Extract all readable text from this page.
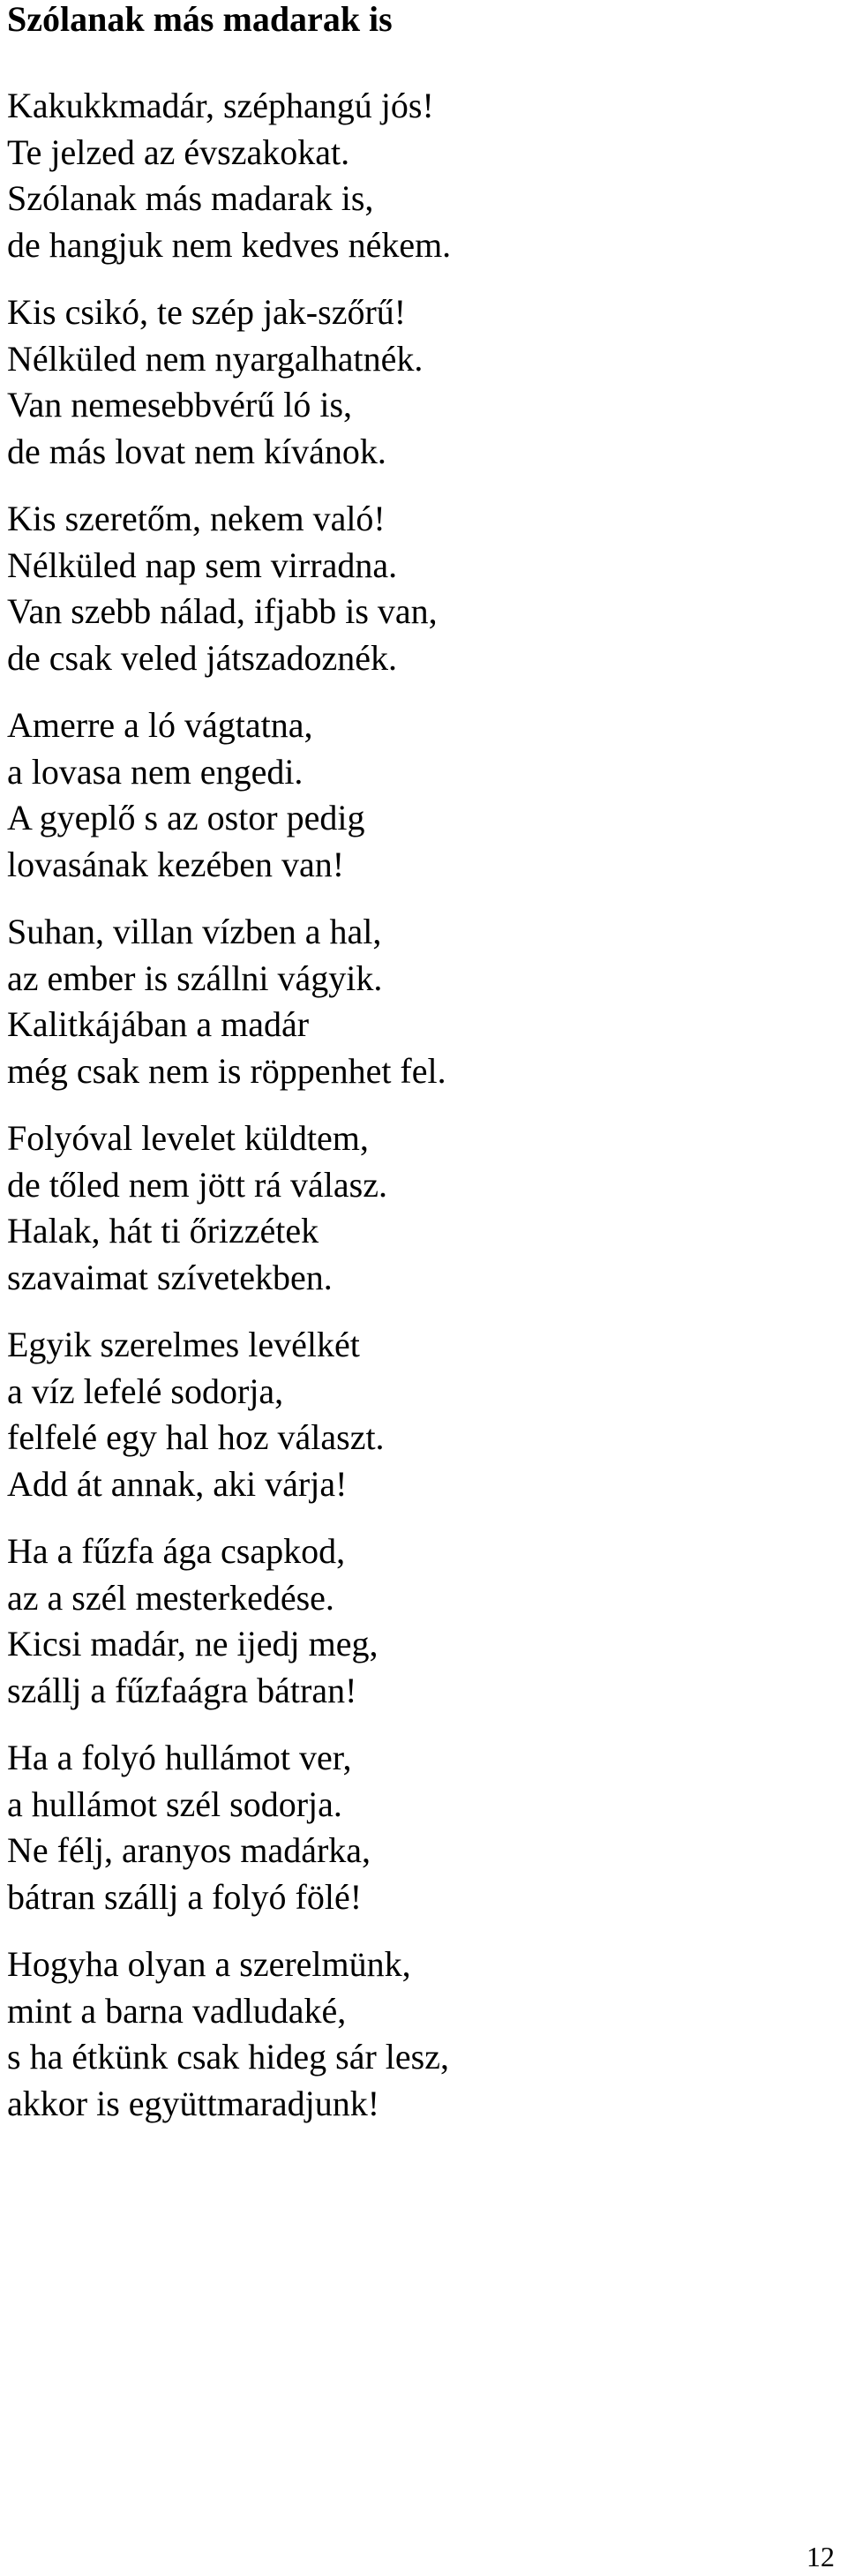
Szólanak más madarak is
Kakukkmadár, széphangú jós!
Te jelzed az évszakokat.
Szólanak más madarak is,
de hangjuk nem kedves nékem.
Kis csikó, te szép jak-szőrű!
Nélküled nem nyargalhatnék.
Van nemesebbvérű ló is,
de más lovat nem kívánok.
Kis szeretőm, nekem való!
Nélküled nap sem virradna.
Van szebb nálad, ifjabb is van,
de csak veled játszadoznék.
Amerre a ló vágtatna,
a lovasa nem engedi.
A gyeplő s az ostor pedig
lovasának kezében van!
Suhan, villan vízben a hal,
az ember is szállni vágyik.
Kalitkájában a madár
még csak nem is röppenhet fel.
Folyóval levelet küldtem,
de tőled nem jött rá válasz.
Halak, hát ti őrizzétek
szavaimat szívetekben.
Egyik szerelmes levélkét
a víz lefelé sodorja,
felfelé egy hal hoz választ.
Add át annak, aki várja!
Ha a fűzfa ága csapkod,
az a szél mesterkedése.
Kicsi madár, ne ijedj meg,
szállj a fűzfaágra bátran!
Ha a folyó hullámot ver,
a hullámot szél sodorja.
Ne félj, aranyos madárka,
bátran szállj a folyó fölé!
Hogyha olyan a szerelmünk,
mint a barna vadludaké,
s ha étkünk csak hideg sár lesz,
akkor is együttmaradjunk!
12
